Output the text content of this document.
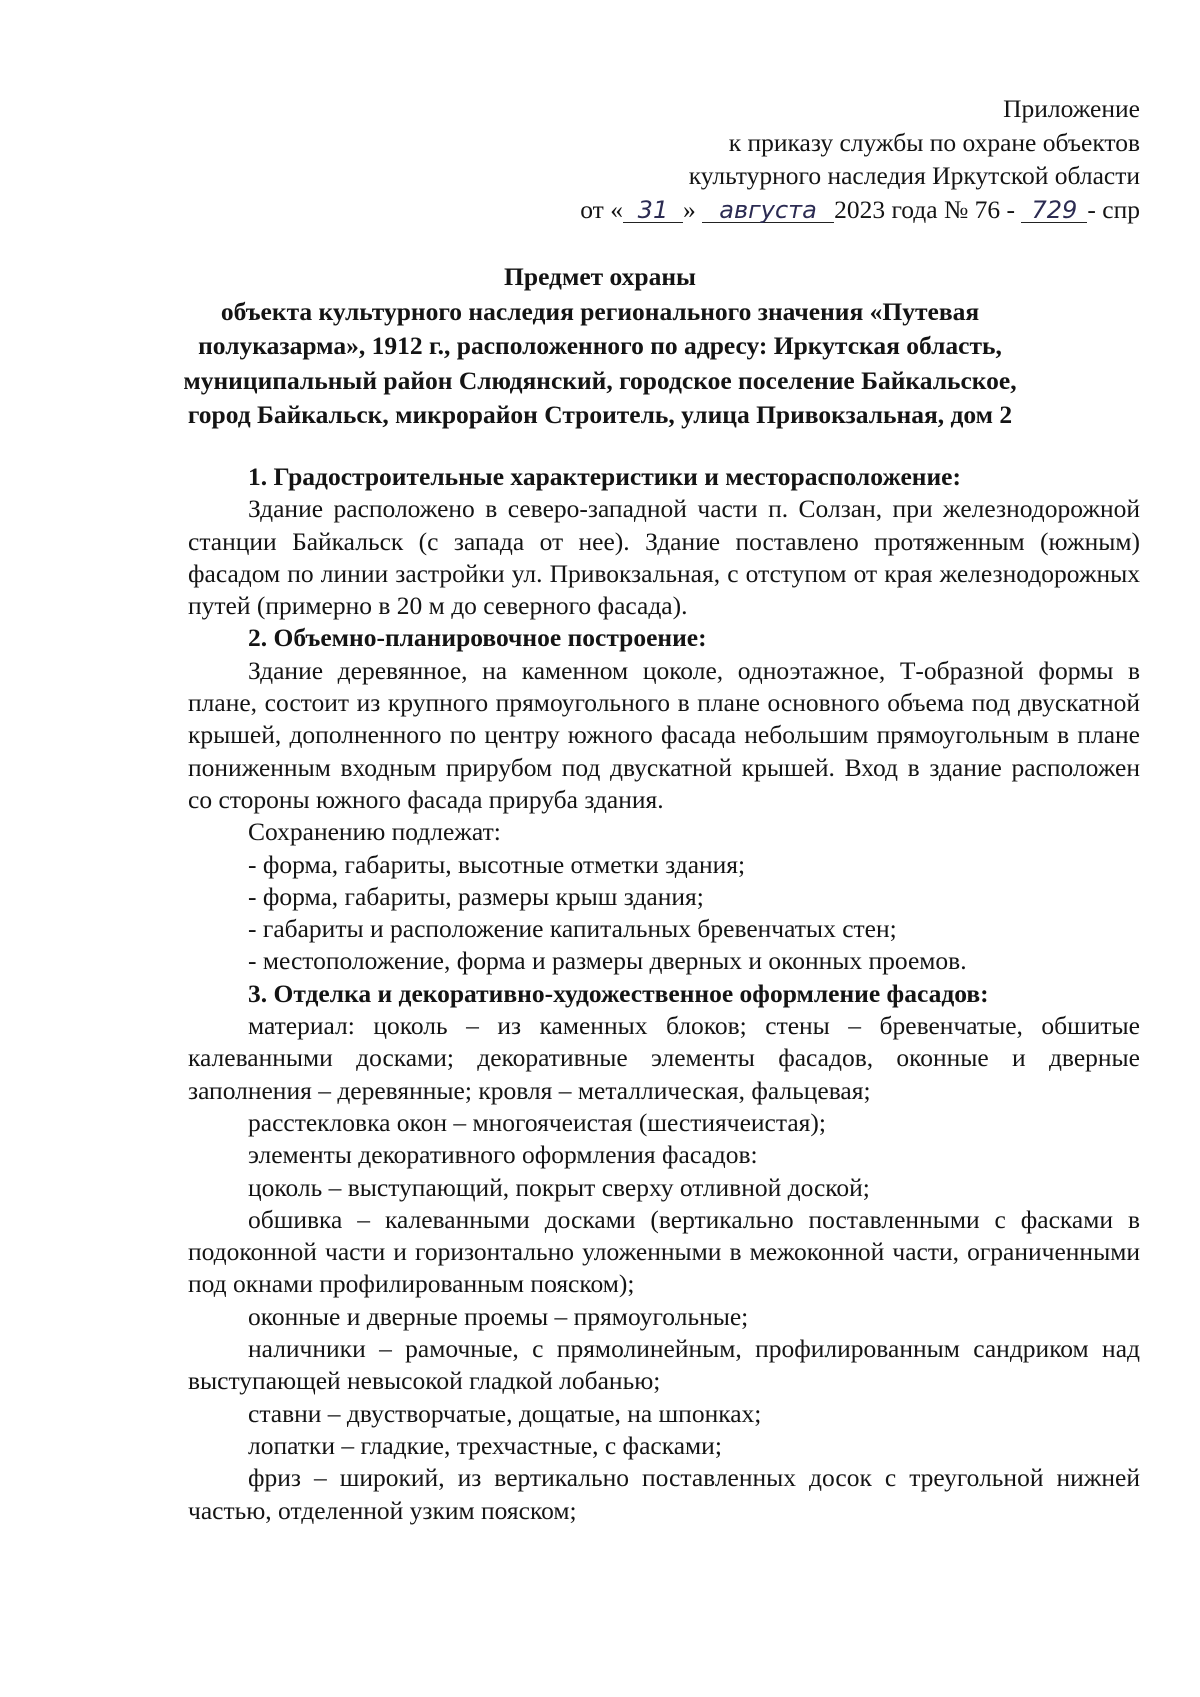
Приложение
к приказу службы по охране объектов
культурного наследия Иркутской области
от « 31 » августа 2023 года № 76 - 729 - спр
Предмет охраны
объекта культурного наследия регионального значения «Путевая
полуказарма», 1912 г., расположенного по адресу: Иркутская область,
муниципальный район Слюдянский, городское поселение Байкальское,
город Байкальск, микрорайон Строитель, улица Привокзальная, дом 2

1. Градостроительные характеристики и месторасположение:

Здание расположено в северо-западной части п. Солзан, при железнодорожной станции Байкальск (с запада от нее). Здание поставлено протяженным (южным) фасадом по линии застройки ул. Привокзальная, с отступом от края железнодорожных путей (примерно в 20 м до северного фасада).

2. Объемно-планировочное построение:

Здание деревянное, на каменном цоколе, одноэтажное, Т-образной формы в плане, состоит из крупного прямоугольного в плане основного объема под двускатной крышей, дополненного по центру южного фасада небольшим прямоугольным в плане пониженным входным прирубом под двускатной крышей. Вход в здание расположен со стороны южного фасада прируба здания.

Сохранению подлежат:

- форма, габариты, высотные отметки здания;

- форма, габариты, размеры крыш здания;

- габариты и расположение капитальных бревенчатых стен;

- местоположение, форма и размеры дверных и оконных проемов.

3. Отделка и декоративно-художественное оформление фасадов:

материал: цоколь – из каменных блоков; стены – бревенчатые, обшитые калеванными досками; декоративные элементы фасадов, оконные и дверные заполнения – деревянные; кровля – металлическая, фальцевая;

расстекловка окон – многоячеистая (шестиячеистая);

элементы декоративного оформления фасадов:

цоколь – выступающий, покрыт сверху отливной доской;

обшивка – калеванными досками (вертикально поставленными с фасками в подоконной части и горизонтально уложенными в межоконной части, ограниченными под окнами профилированным пояском);

оконные и дверные проемы – прямоугольные;

наличники – рамочные, с прямолинейным, профилированным сандриком над выступающей невысокой гладкой лобанью;

ставни – двустворчатые, дощатые, на шпонках;

лопатки – гладкие, трехчастные, с фасками;

фриз – широкий, из вертикально поставленных досок с треугольной нижней частью, отделенной узким пояском;
